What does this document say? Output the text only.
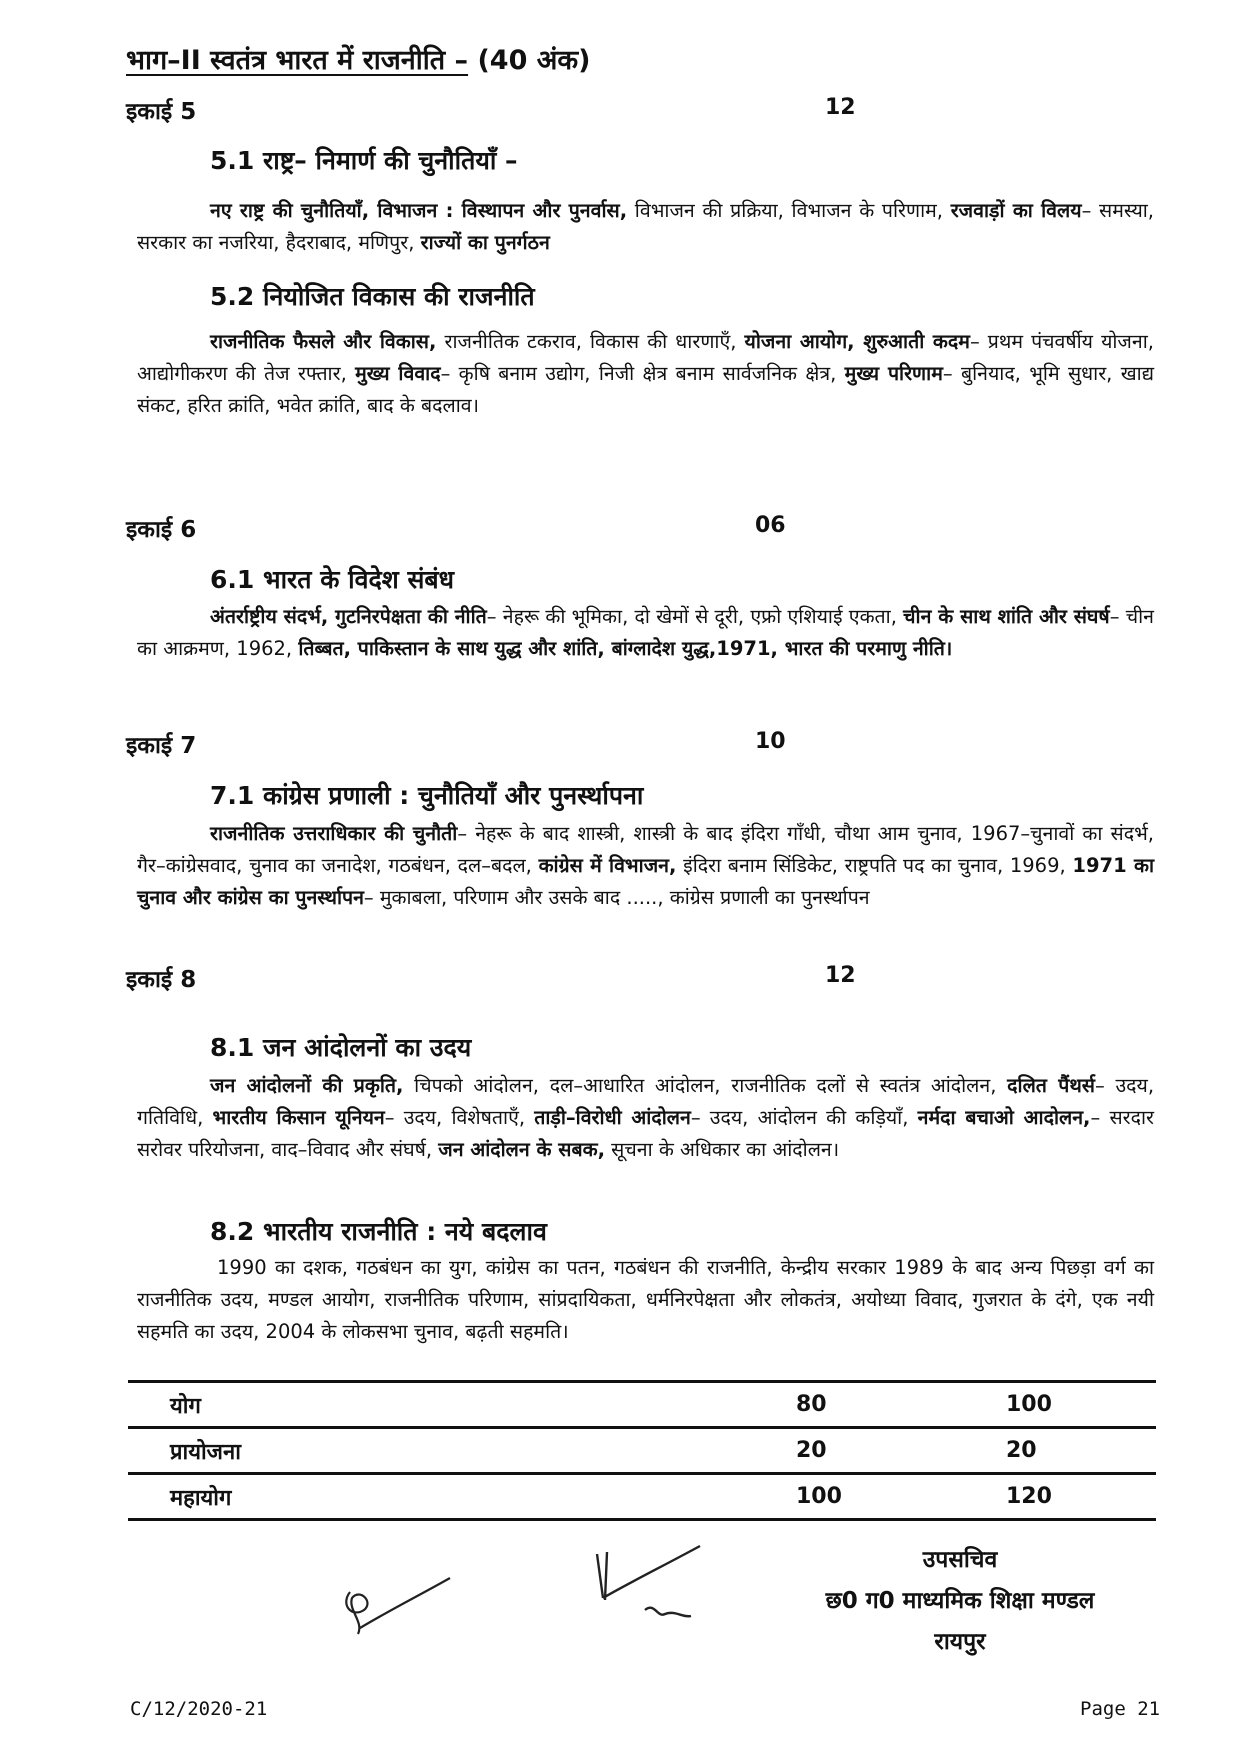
भाग–II स्वतंत्र भारत में राजनीति – (40 अंक)
इकाई 5	12
5.1 राष्ट्र– निमार्ण की चुनौतियाँ –
नए राष्ट्र की चुनौतियाँ, विभाजन : विस्थापन और पुनर्वास, विभाजन की प्रक्रिया, विभाजन के परिणाम, रजवाड़ों का विलय– समस्या, सरकार का नजरिया, हैदराबाद, मणिपुर, राज्यों का पुनर्गठन
5.2 नियोजित विकास की राजनीति
राजनीतिक फैसले और विकास, राजनीतिक टकराव, विकास की धारणाएँ, योजना आयोग, शुरुआती कदम– प्रथम पंचवर्षीय योजना, आद्योगीकरण की तेज रफ्तार, मुख्य विवाद– कृषि बनाम उद्योग, निजी क्षेत्र बनाम सार्वजनिक क्षेत्र, मुख्य परिणाम– बुनियाद, भूमि सुधार, खाद्य संकट, हरित क्रांति, भवेत क्रांति, बाद के बदलाव।
इकाई 6	06
6.1 भारत के विदेश संबंध
अंतर्राष्ट्रीय संदर्भ, गुटनिरपेक्षता की नीति– नेहरू की भूमिका, दो खेमों से दूरी, एफ्रो एशियाई एकता, चीन के साथ शांति और संघर्ष– चीन का आक्रमण, 1962, तिब्बत, पाकिस्तान के साथ युद्ध और शांति, बांग्लादेश युद्ध,1971, भारत की परमाणु नीति।
इकाई 7	10
7.1 कांग्रेस प्रणाली : चुनौतियाँ और पुनर्स्थापना
राजनीतिक उत्तराधिकार की चुनौती– नेहरू के बाद शास्त्री, शास्त्री के बाद इंदिरा गाँधी, चौथा आम चुनाव, 1967–चुनावों का संदर्भ, गैर–कांग्रेसवाद, चुनाव का जनादेश, गठबंधन, दल–बदल, कांग्रेस में विभाजन, इंदिरा बनाम सिंडिकेट, राष्ट्रपति पद का चुनाव, 1969, 1971 का चुनाव और कांग्रेस का पुनर्स्थापन– मुकाबला, परिणाम और उसके बाद ....., कांग्रेस प्रणाली का पुनर्स्थापन
इकाई 8	12
8.1 जन आंदोलनों का उदय
जन आंदोलनों की प्रकृति, चिपको आंदोलन, दल–आधारित आंदोलन, राजनीतिक दलों से स्वतंत्र आंदोलन, दलित पैंथर्स– उदय, गतिविधि, भारतीय किसान यूनियन– उदय, विशेषताएँ, ताड़ी–विरोधी आंदोलन– उदय, आंदोलन की कड़ियाँ, नर्मदा बचाओ आदोलन,– सरदार सरोवर परियोजना, वाद–विवाद और संघर्ष, जन आंदोलन के सबक, सूचना के अधिकार का आंदोलन।
8.2 भारतीय राजनीति : नये बदलाव
1990 का दशक, गठबंधन का युग, कांग्रेस का पतन, गठबंधन की राजनीति, केन्द्रीय सरकार 1989 के बाद अन्य पिछड़ा वर्ग का राजनीतिक उदय, मण्डल आयोग, राजनीतिक परिणाम, सांप्रदायिकता, धर्मनिरपेक्षता और लोकतंत्र, अयोध्या विवाद, गुजरात के दंगे, एक नयी सहमति का उदय, 2004 के लोकसभा चुनाव, बढ़ती सहमति।
योग	80	100
प्रायोजना	20	20
महायोग	100	120
उपसचिव
छ0 ग0 माध्यमिक शिक्षा मण्डल
रायपुर
C/12/2020-21	Page 21
